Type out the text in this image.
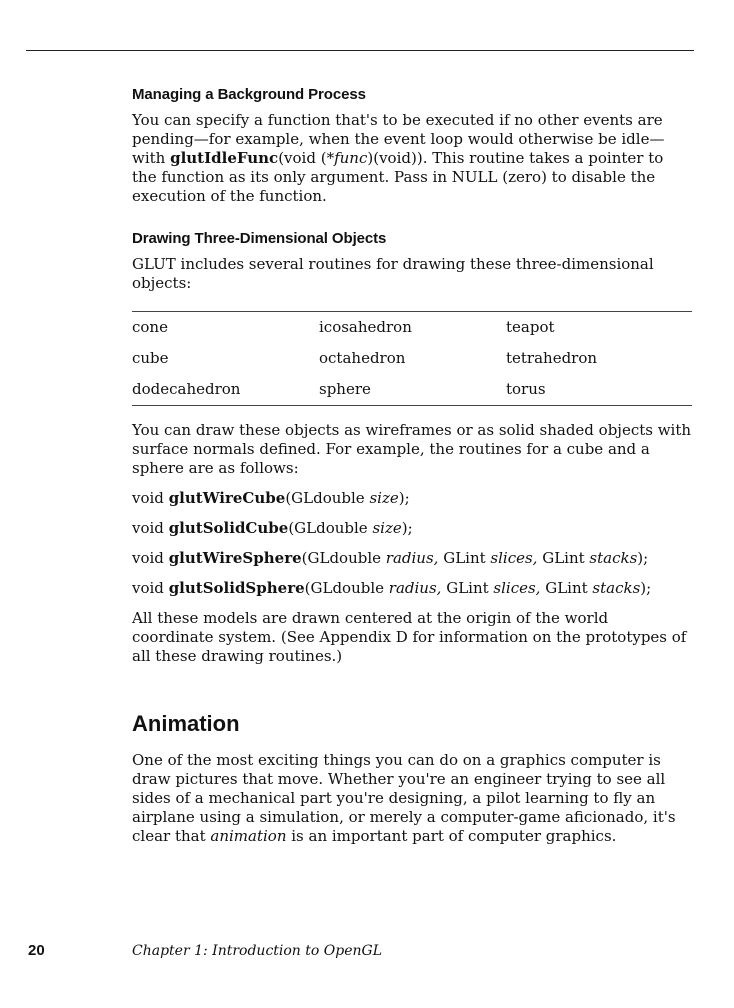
Managing a Background Process

You can specify a function that's to be executed if no other events are pending—for example, when the event loop would otherwise be idle—with glutIdleFunc(void (*func)(void)). This routine takes a pointer to the function as its only argument. Pass in NULL (zero) to disable the execution of the function.

Drawing Three-Dimensional Objects

GLUT includes several routines for drawing these three-dimensional objects:

cone	icosahedron	teapot
cube	octahedron	tetrahedron
dodecahedron	sphere	torus

You can draw these objects as wireframes or as solid shaded objects with surface normals defined. For example, the routines for a cube and a sphere are as follows:

void glutWireCube(GLdouble size);
void glutSolidCube(GLdouble size);
void glutWireSphere(GLdouble radius, GLint slices, GLint stacks);
void glutSolidSphere(GLdouble radius, GLint slices, GLint stacks);

All these models are drawn centered at the origin of the world coordinate system. (See Appendix D for information on the prototypes of all these drawing routines.)

Animation

One of the most exciting things you can do on a graphics computer is draw pictures that move. Whether you're an engineer trying to see all sides of a mechanical part you're designing, a pilot learning to fly an airplane using a simulation, or merely a computer-game aficionado, it's clear that animation is an important part of computer graphics.

20	Chapter 1: Introduction to OpenGL
